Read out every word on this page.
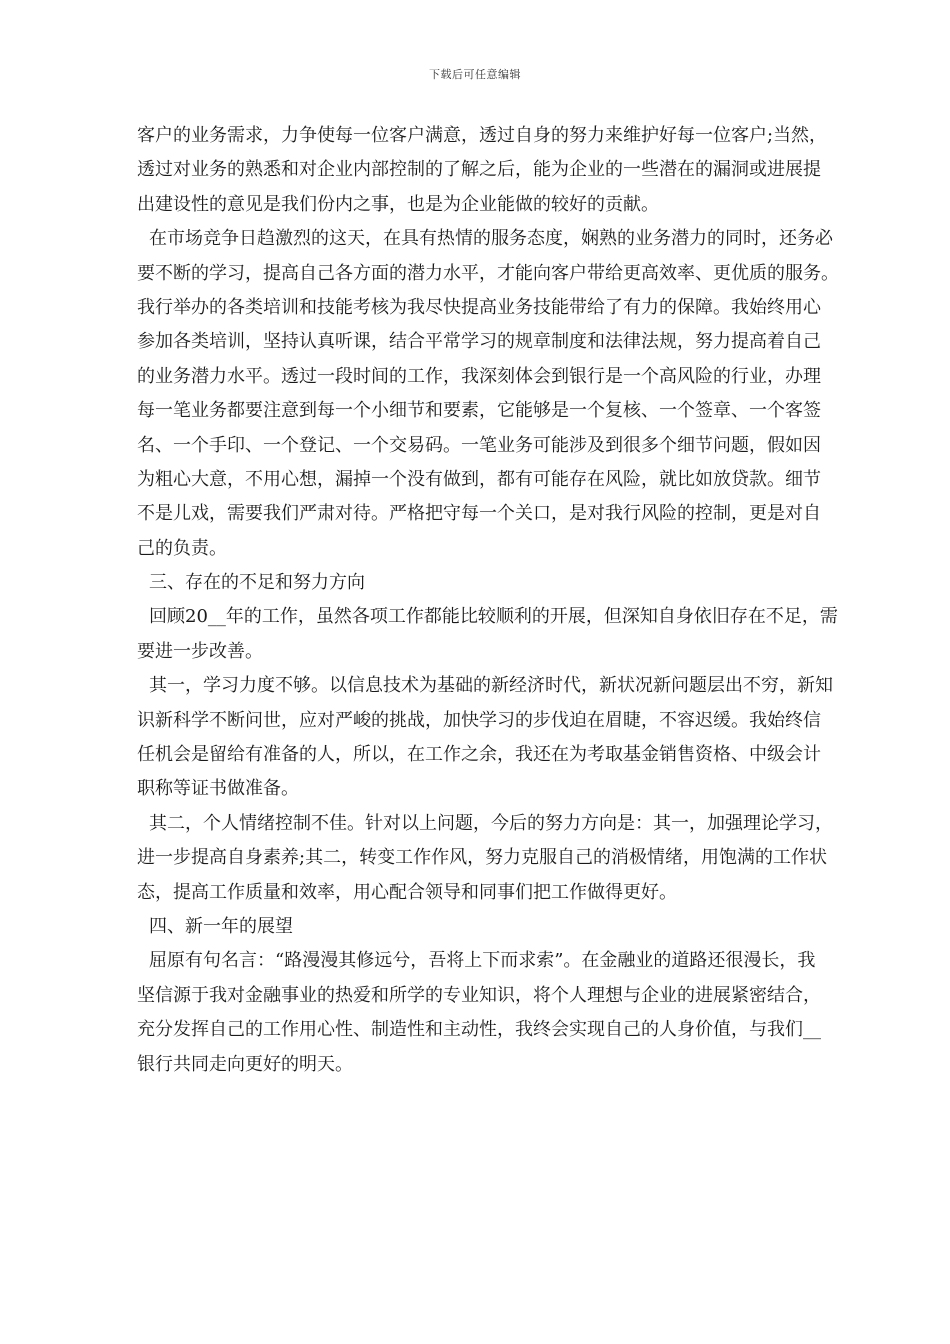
下载后可任意编辑
客户的业务需求，力争使每一位客户满意，透过自身的努力来维护好每一位客户;当然，
透过对业务的熟悉和对企业内部控制的了解之后，能为企业的一些潜在的漏洞或进展提
出建设性的意见是我们份内之事，也是为企业能做的较好的贡献。
在市场竞争日趋激烈的这天，在具有热情的服务态度，娴熟的业务潜力的同时，还务必
要不断的学习，提高自己各方面的潜力水平，才能向客户带给更高效率、更优质的服务。
我行举办的各类培训和技能考核为我尽快提高业务技能带给了有力的保障。我始终用心
参加各类培训，坚持认真听课，结合平常学习的规章制度和法律法规，努力提高着自己
的业务潜力水平。透过一段时间的工作，我深刻体会到银行是一个高风险的行业，办理
每一笔业务都要注意到每一个小细节和要素，它能够是一个复核、一个签章、一个客签
名、一个手印、一个登记、一个交易码。一笔业务可能涉及到很多个细节问题，假如因
为粗心大意，不用心想，漏掉一个没有做到，都有可能存在风险，就比如放贷款。细节
不是儿戏，需要我们严肃对待。严格把守每一个关口，是对我行风险的控制，更是对自
己的负责。
三、存在的不足和努力方向
回顾20__年的工作，虽然各项工作都能比较顺利的开展，但深知自身依旧存在不足，需
要进一步改善。
其一，学习力度不够。以信息技术为基础的新经济时代，新状况新问题层出不穷，新知
识新科学不断问世，应对严峻的挑战，加快学习的步伐迫在眉睫，不容迟缓。我始终信
任机会是留给有准备的人，所以，在工作之余，我还在为考取基金销售资格、中级会计
职称等证书做准备。
其二，个人情绪控制不佳。针对以上问题，今后的努力方向是：其一，加强理论学习，
进一步提高自身素养;其二，转变工作作风，努力克服自己的消极情绪，用饱满的工作状
态，提高工作质量和效率，用心配合领导和同事们把工作做得更好。
四、新一年的展望
屈原有句名言：“路漫漫其修远兮，吾将上下而求索”。在金融业的道路还很漫长，我
坚信源于我对金融事业的热爱和所学的专业知识，将个人理想与企业的进展紧密结合，
充分发挥自己的工作用心性、制造性和主动性，我终会实现自己的人身价值，与我们__
银行共同走向更好的明天。
